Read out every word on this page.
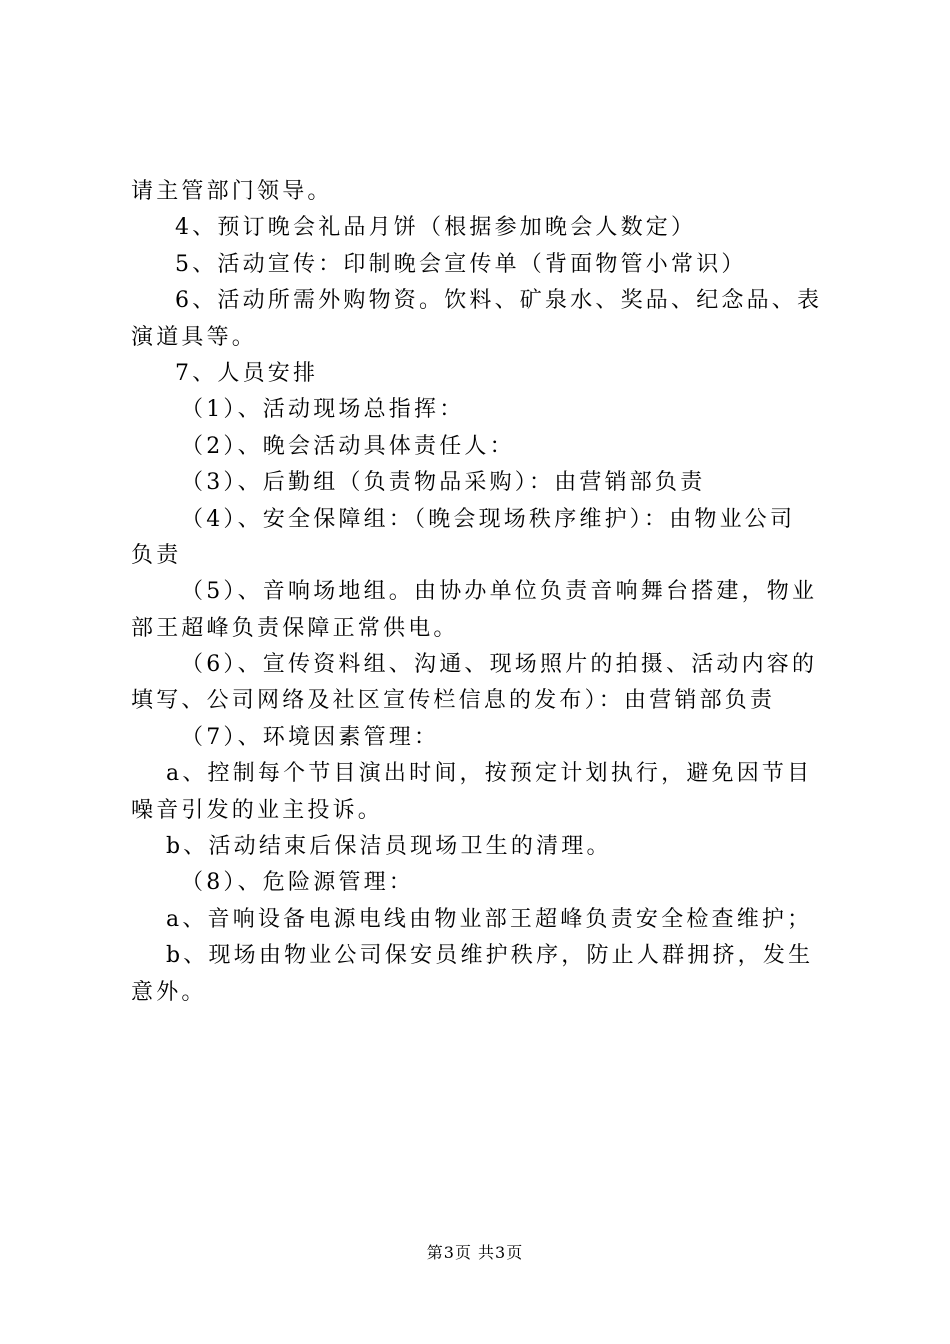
请主管部门领导。
4、预订晚会礼品月饼（根据参加晚会人数定）
5、活动宣传：印制晚会宣传单（背面物管小常识）
6、活动所需外购物资。饮料、矿泉水、奖品、纪念品、表
演道具等。
7、人员安排
（1）、活动现场总指挥：
（2）、晚会活动具体责任人：
（3）、后勤组（负责物品采购）：由营销部负责
（4）、安全保障组：（晚会现场秩序维护）：由物业公司
负责
（5）、音响场地组。由协办单位负责音响舞台搭建，物业
部王超峰负责保障正常供电。
（6）、宣传资料组、沟通、现场照片的拍摄、活动内容的
填写、公司网络及社区宣传栏信息的发布）：由营销部负责
（7）、环境因素管理：
a、控制每个节目演出时间，按预定计划执行，避免因节目
噪音引发的业主投诉。
b、活动结束后保洁员现场卫生的清理。
（8）、危险源管理：
a、音响设备电源电线由物业部王超峰负责安全检查维护；
b、现场由物业公司保安员维护秩序，防止人群拥挤，发生
意外。
第3页 共3页
